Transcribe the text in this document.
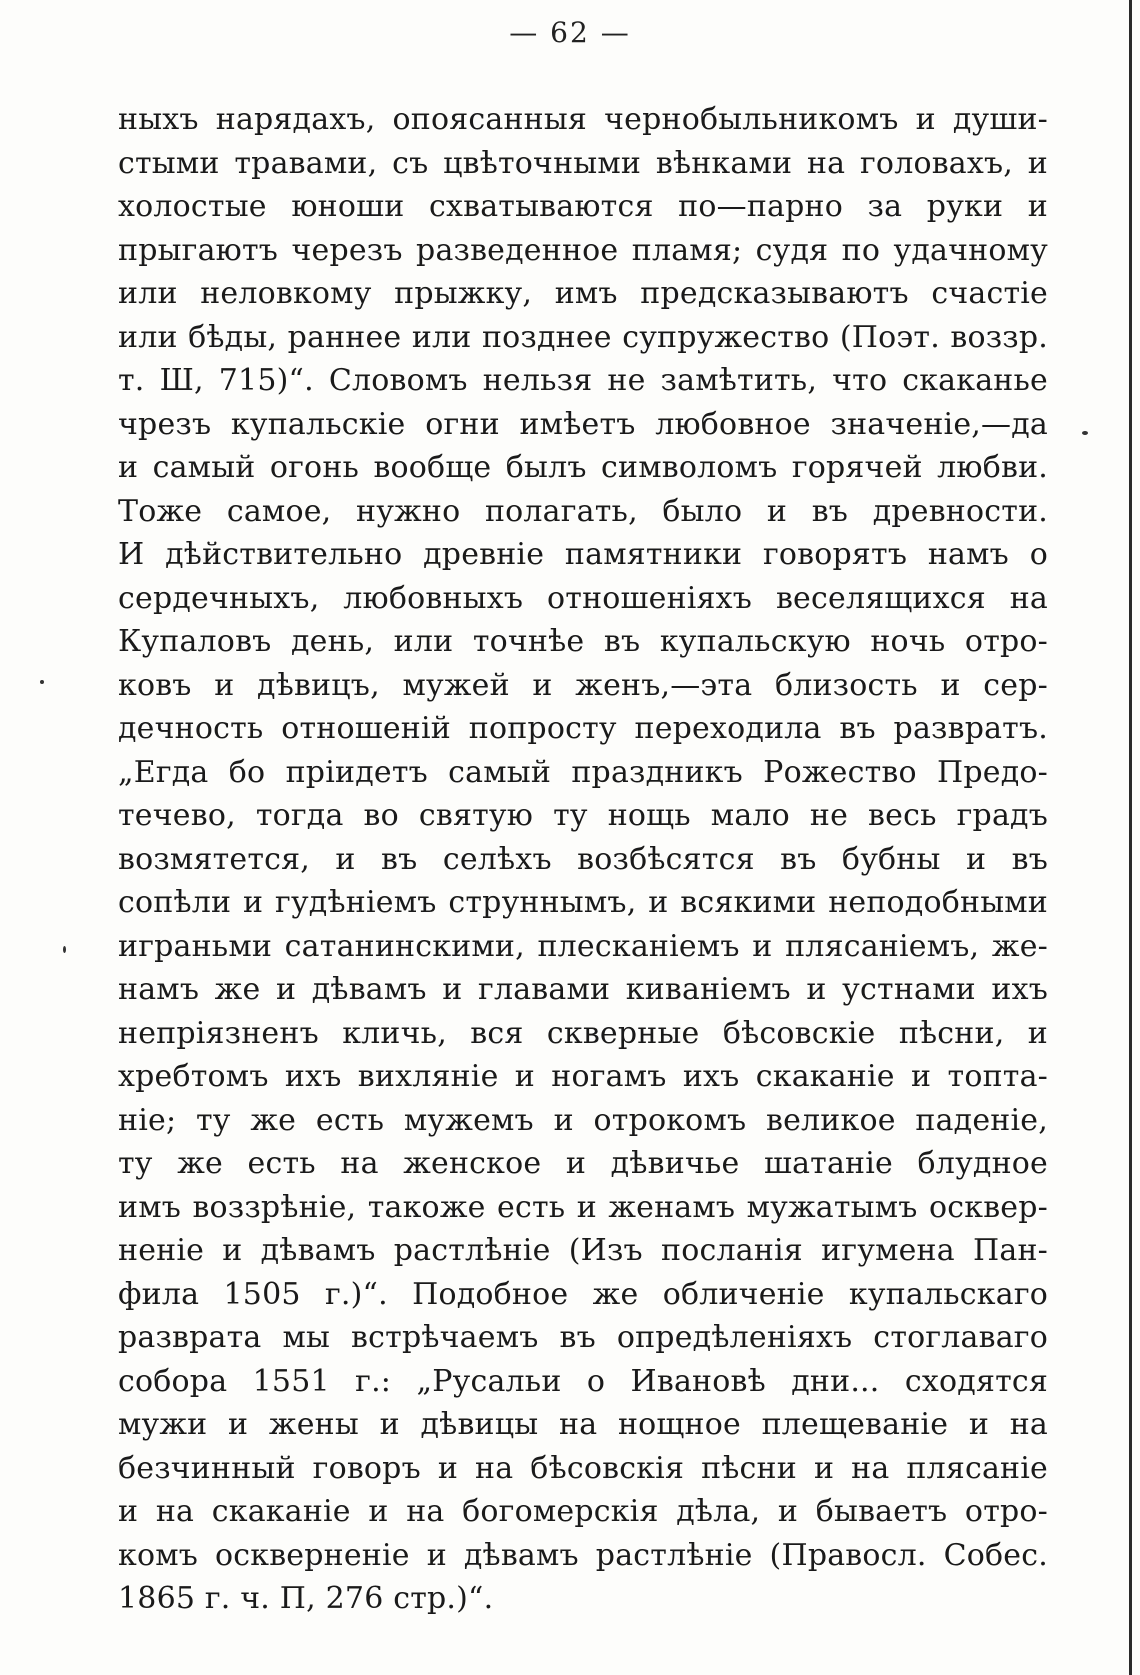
— 62 —
ныхъ нарядахъ, опоясанныя чернобыльникомъ и души-
стыми травами, съ цвѣточными вѣнками на головахъ, и
холостые юноши схватываются по—парно за руки и
прыгаютъ черезъ разведенное пламя; судя по удачному
или неловкому прыжку, имъ предсказываютъ счастіе
или бѣды, раннее или позднее супружество (Поэт. воззр.
т. Ш, 715)“. Словомъ нельзя не замѣтить, что скаканье
чрезъ купальскіе огни имѣетъ любовное значеніе,—да
и самый огонь вообще былъ символомъ горячей любви.
Тоже самое, нужно полагать, было и въ древности.
И дѣйствительно древніе памятники говорятъ намъ о
сердечныхъ, любовныхъ отношеніяхъ веселящихся на
Купаловъ день, или точнѣе въ купальскую ночь отро-
ковъ и дѣвицъ, мужей и женъ,—эта близость и сер-
дечность отношеній попросту переходила въ развратъ.
„Егда бо пріидетъ самый праздникъ Рожество Предо-
течево, тогда во святую ту нощь мало не весь градъ
возмятется, и въ селѣхъ возбѣсятся въ бубны и въ
сопѣли и гудѣніемъ струннымъ, и всякими неподобными
играньми сатанинскими, плесканіемъ и плясаніемъ, же-
намъ же и дѣвамъ и главами киваніемъ и устнами ихъ
непріязненъ кличь, вся скверные бѣсовскіе пѣсни, и
хребтомъ ихъ вихляніе и ногамъ ихъ скаканіе и топта-
ніе; ту же есть мужемъ и отрокомъ великое паденіе,
ту же есть на женское и дѣвичье шатаніе блудное
имъ воззрѣніе, такоже есть и женамъ мужатымъ осквер-
неніе и дѣвамъ растлѣніе (Изъ посланія игумена Пан-
фила 1505 г.)“. Подобное же обличеніе купальскаго
разврата мы встрѣчаемъ въ опредѣленіяхъ стоглаваго
собора 1551 г.: „Русальи о Ивановѣ дни... сходятся
мужи и жены и дѣвицы на нощное плещеваніе и на
безчинный говоръ и на бѣсовскія пѣсни и на плясаніе
и на скаканіе и на богомерскія дѣла, и бываетъ отро-
комъ оскверненіе и дѣвамъ растлѣніе (Правосл. Собес.
1865 г. ч. П, 276 стр.)“.
